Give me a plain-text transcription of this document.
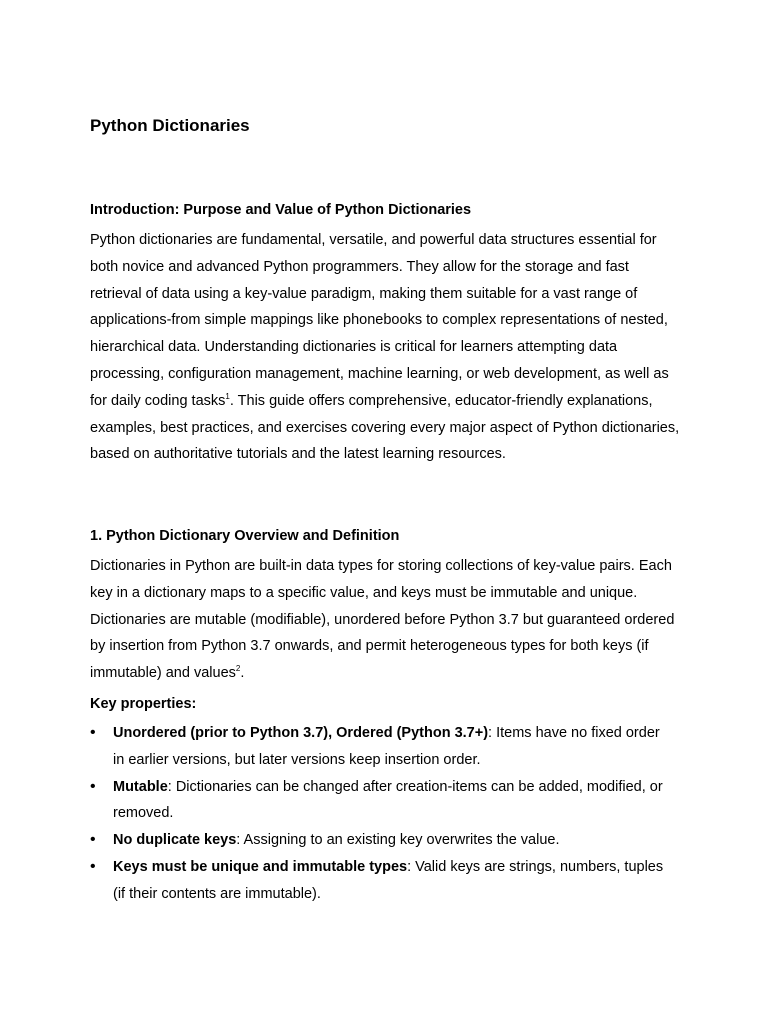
Python Dictionaries
Introduction: Purpose and Value of Python Dictionaries

Python dictionaries are fundamental, versatile, and powerful data structures essential for both novice and advanced Python programmers. They allow for the storage and fast retrieval of data using a key-value paradigm, making them suitable for a vast range of applications-from simple mappings like phonebooks to complex representations of nested, hierarchical data. Understanding dictionaries is critical for learners attempting data processing, configuration management, machine learning, or web development, as well as for daily coding tasks$^1$. This guide offers comprehensive, educator-friendly explanations, examples, best practices, and exercises covering every major aspect of Python dictionaries, based on authoritative tutorials and the latest learning resources.

1. Python Dictionary Overview and Definition

Dictionaries in Python are built-in data types for storing collections of key-value pairs. Each key in a dictionary maps to a specific value, and keys must be immutable and unique. Dictionaries are mutable (modifiable), unordered before Python 3.7 but guaranteed ordered by insertion from Python 3.7 onwards, and permit heterogeneous types for both keys (if immutable) and values$^2$.

Key properties:

• Unordered (prior to Python 3.7), Ordered (Python 3.7+): Items have no fixed order in earlier versions, but later versions keep insertion order.
• Mutable: Dictionaries can be changed after creation-items can be added, modified, or removed.
• No duplicate keys: Assigning to an existing key overwrites the value.
• Keys must be unique and immutable types: Valid keys are strings, numbers, tuples (if their contents are immutable).
